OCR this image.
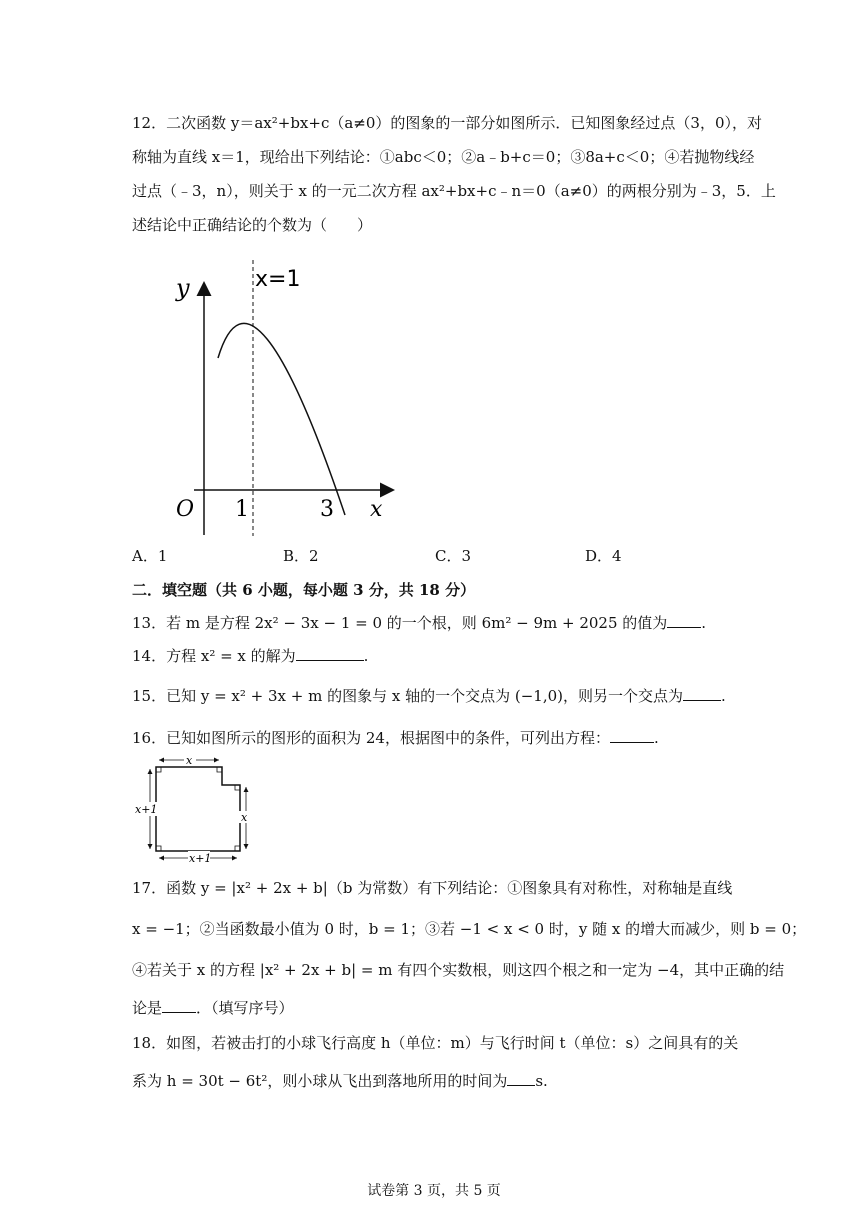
12．二次函数 y＝ax²+bx+c（a≠0）的图象的一部分如图所示．已知图象经过点（3，0），对
称轴为直线 x＝1，现给出下列结论：①abc＜0；②a﹣b+c＝0；③8a+c＜0；④若抛物线经
过点（﹣3，n），则关于 x 的一元二次方程 ax²+bx+c﹣n＝0（a≠0）的两根分别为﹣3，5．上
述结论中正确结论的个数为（　　）
y	x=1
O 1	3 x
A．1	B．2	C．3	D．4
二．填空题（共 6 小题，每小题 3 分，共 18 分）
13．若 m 是方程 2x² − 3x − 1 = 0 的一个根，则 6m² − 9m + 2025 的值为 .
14．方程 x² = x 的解为	.
15．已知 y = x² + 3x + m 的图象与 x 轴的一个交点为 (−1,0)，则另一个交点为	.
16．已知如图所示的图形的面积为 24，根据图中的条件，可列出方程：	.
x
x+1
x
x+1
17．函数 y = |x² + 2x + b|（b 为常数）有下列结论：①图象具有对称性，对称轴是直线
x = −1；②当函数最小值为 0 时，b = 1；③若 −1 < x < 0 时，y 随 x 的增大而减少，则 b = 0；
④若关于 x 的方程 |x² + 2x + b| = m 有四个实数根，则这四个根之和一定为 −4，其中正确的结
论是 ．（填写序号）
18．如图，若被击打的小球飞行高度 h（单位：m）与飞行时间 t（单位：s）之间具有的关
系为 h = 30t − 6t²，则小球从飞出到落地所用的时间为 s.
试卷第 3 页，共 5 页
